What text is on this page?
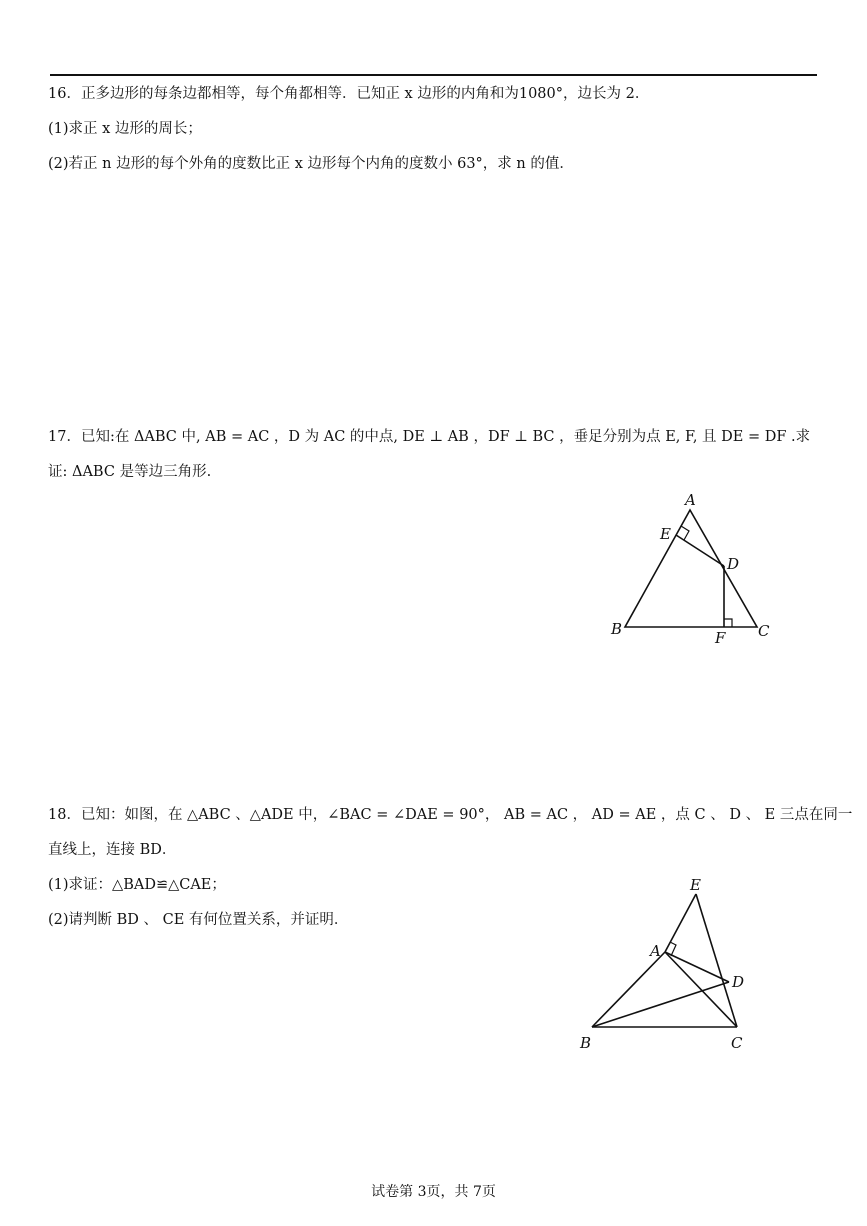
16．正多边形的每条边都相等，每个角都相等．已知正 x 边形的内角和为1080°，边长为 2．
(1)求正 x 边形的周长；
(2)若正 n 边形的每个外角的度数比正 x 边形每个内角的度数小 63°，求 n 的值．
17．已知:在 ΔABC 中, AB = AC ，D 为 AC 的中点, DE ⊥ AB ，DF ⊥ BC ，垂足分别为点 E, F, 且 DE = DF .求
证: ΔABC 是等边三角形.
A
E
D
B	F C
18．已知：如图，在 △ABC 、△ADE 中，∠BAC = ∠DAE = 90°， AB = AC ， AD = AE ，点 C 、 D 、 E 三点在同一
直线上，连接 BD．
(1)求证：△BAD≌△CAE；
(2)请判断 BD 、 CE 有何位置关系，并证明．
E
A
D
B	C
试卷第 3页，共 7页
